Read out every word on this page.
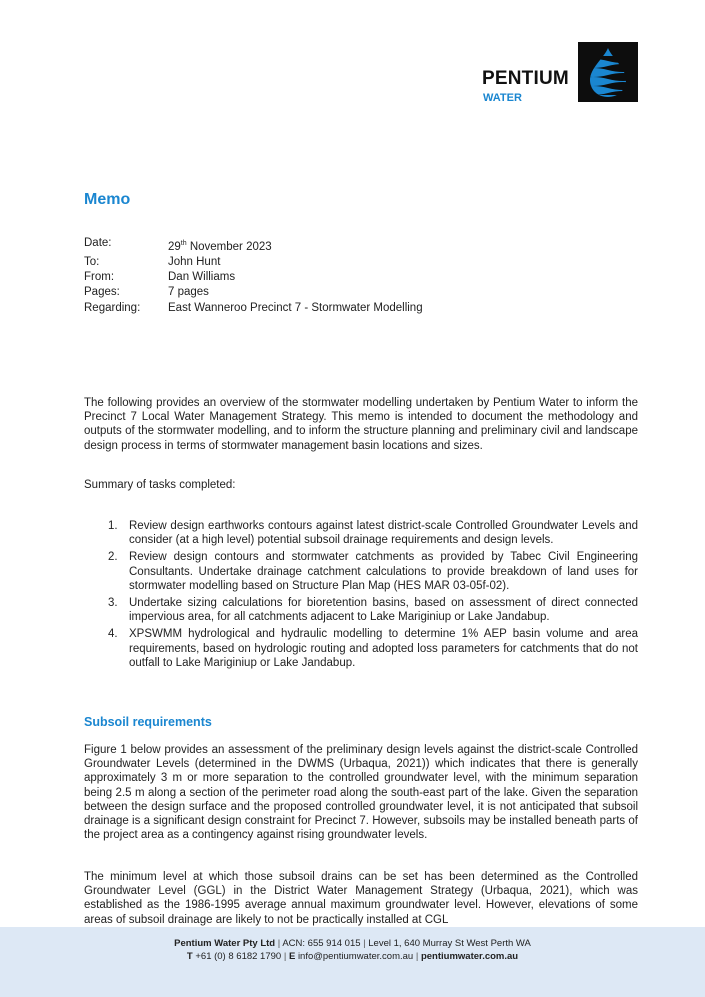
PENTIUM
WATER
Memo
Date:	29th November 2023
To:	John Hunt
From:	Dan Williams
Pages:	7 pages
Regarding:	East Wanneroo Precinct 7 - Stormwater Modelling

The following provides an overview of the stormwater modelling undertaken by Pentium Water to inform the Precinct 7 Local Water Management Strategy. This memo is intended to document the methodology and outputs of the stormwater modelling, and to inform the structure planning and preliminary civil and landscape design process in terms of stormwater management basin locations and sizes.

Summary of tasks completed:

1. Review design earthworks contours against latest district-scale Controlled Groundwater Levels and consider (at a high level) potential subsoil drainage requirements and design levels.
2. Review design contours and stormwater catchments as provided by Tabec Civil Engineering Consultants. Undertake drainage catchment calculations to provide breakdown of land uses for stormwater modelling based on Structure Plan Map (HES MAR 03-05f-02).
3. Undertake sizing calculations for bioretention basins, based on assessment of direct connected impervious area, for all catchments adjacent to Lake Mariginiup or Lake Jandabup.
4. XPSWMM hydrological and hydraulic modelling to determine 1% AEP basin volume and area requirements, based on hydrologic routing and adopted loss parameters for catchments that do not outfall to Lake Mariginiup or Lake Jandabup.
Subsoil requirements

Figure 1 below provides an assessment of the preliminary design levels against the district-scale Controlled Groundwater Levels (determined in the DWMS (Urbaqua, 2021)) which indicates that there is generally approximately 3 m or more separation to the controlled groundwater level, with the minimum separation being 2.5 m along a section of the perimeter road along the south-east part of the lake. Given the separation between the design surface and the proposed controlled groundwater level, it is not anticipated that subsoil drainage is a significant design constraint for Precinct 7. However, subsoils may be installed beneath parts of the project area as a contingency against rising groundwater levels.

The minimum level at which those subsoil drains can be set has been determined as the Controlled Groundwater Level (GGL) in the District Water Management Strategy (Urbaqua, 2021), which was established as the 1986-1995 average annual maximum groundwater level. However, elevations of some areas of subsoil drainage are likely to not be practically installed at CGL

Pentium Water Pty Ltd | ACN: 655 914 015 | Level 1, 640 Murray St West Perth WA
T +61 (0) 8 6182 1790 | E info@pentiumwater.com.au | pentiumwater.com.au
